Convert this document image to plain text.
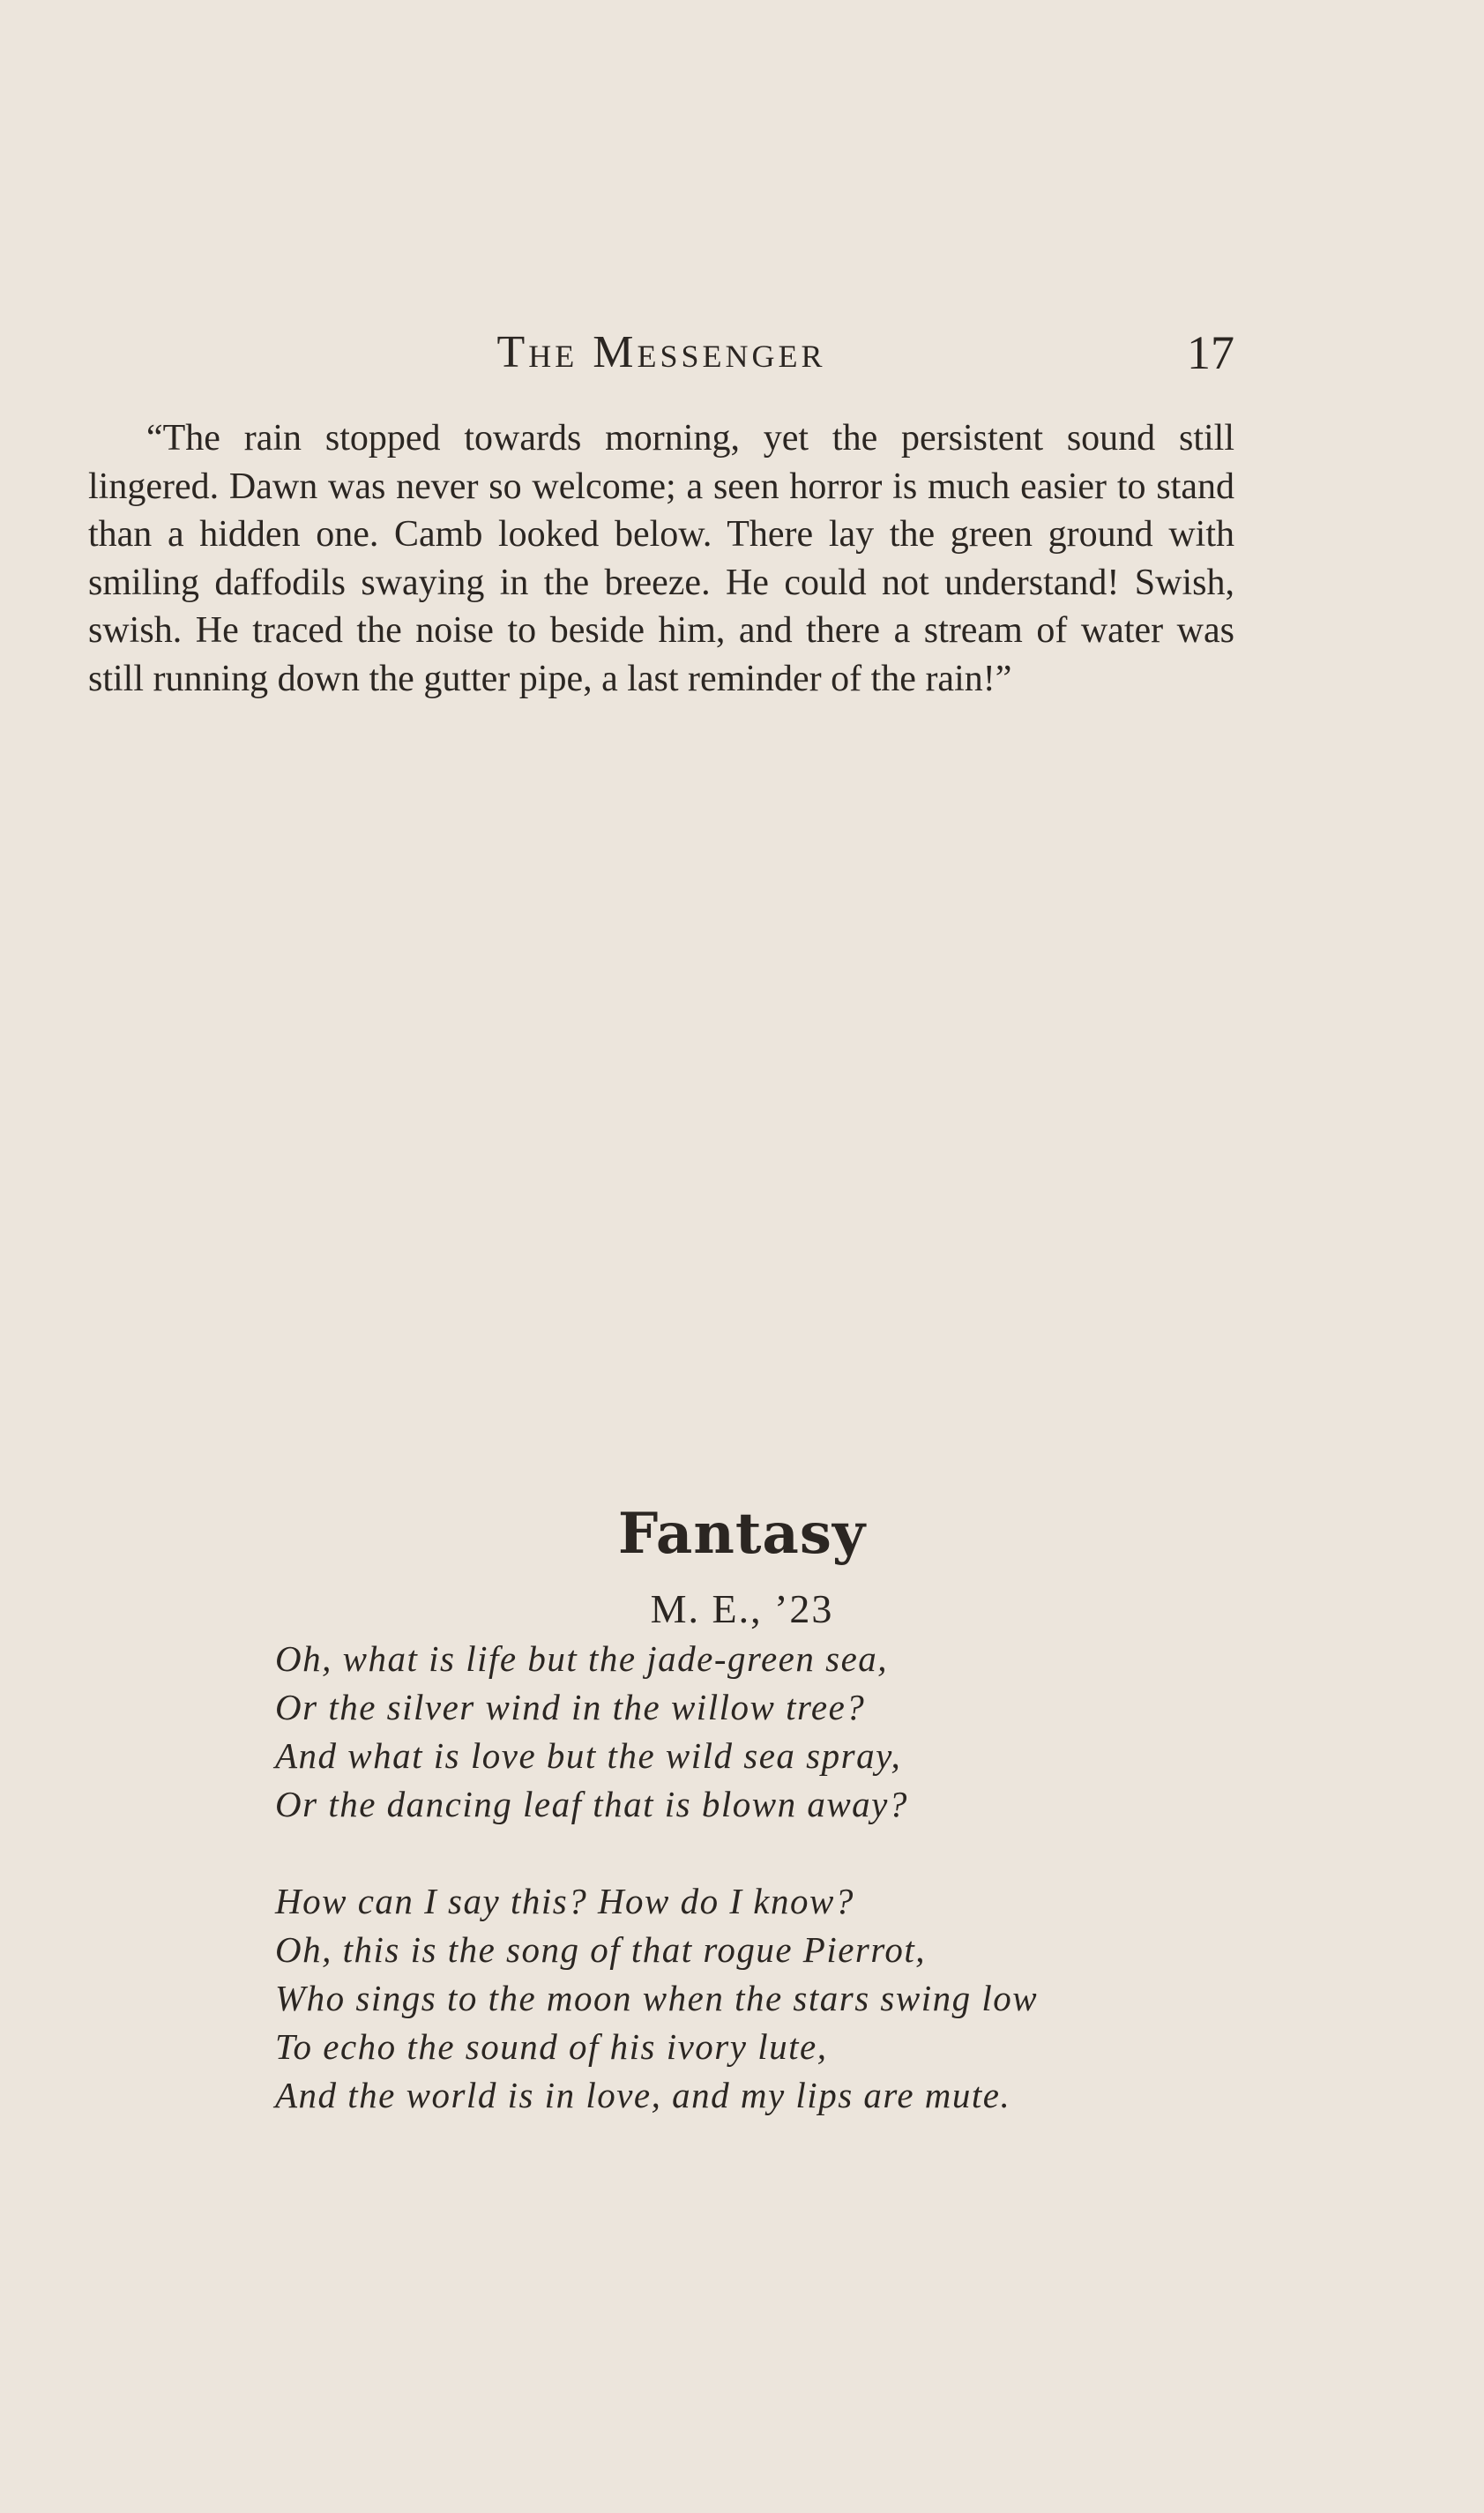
The Messenger	17

“The rain stopped towards morning, yet the persistent sound still lingered. Dawn was never so welcome; a seen horror is much easier to stand than a hidden one. Camb looked below. There lay the green ground with smiling daffodils swaying in the breeze. He could not understand! Swish, swish. He traced the noise to beside him, and there a stream of water was still running down the gutter pipe, a last reminder of the rain!”

Fantasy
M. E., ’23
Oh, what is life but the jade-green sea,
Or the silver wind in the willow tree?
And what is love but the wild sea spray,
Or the dancing leaf that is blown away?
How can I say this? How do I know?
Oh, this is the song of that rogue Pierrot,
Who sings to the moon when the stars swing low
To echo the sound of his ivory lute,
And the world is in love, and my lips are mute.
